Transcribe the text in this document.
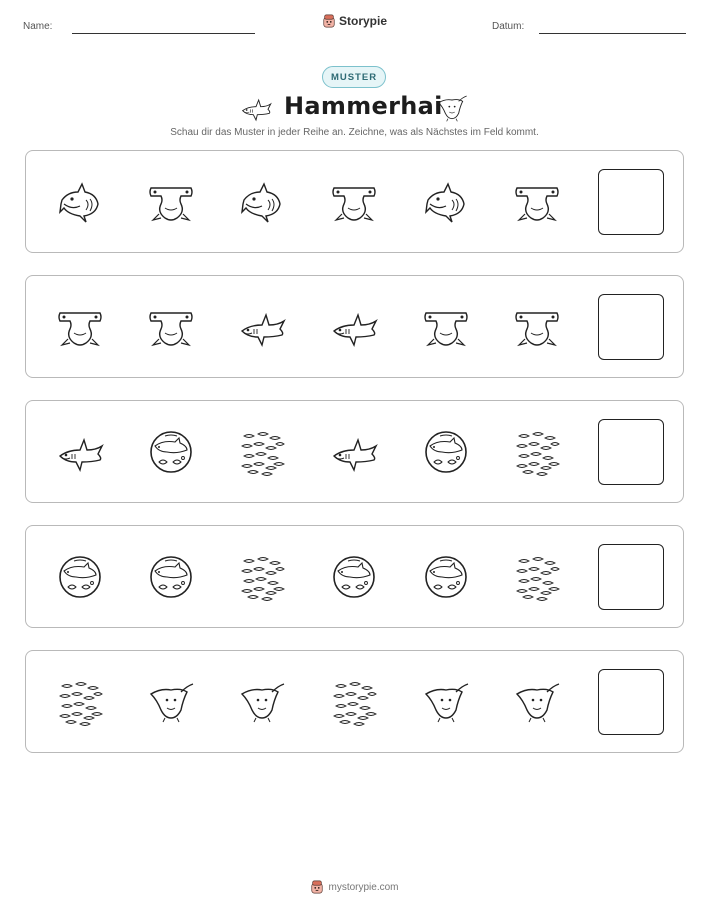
Name:	Storypie	Datum:
MUSTER
Hammerhai
Schau dir das Muster in jeder Reihe an. Zeichne, was als Nächstes im Feld kommt.
mystorypie.com
